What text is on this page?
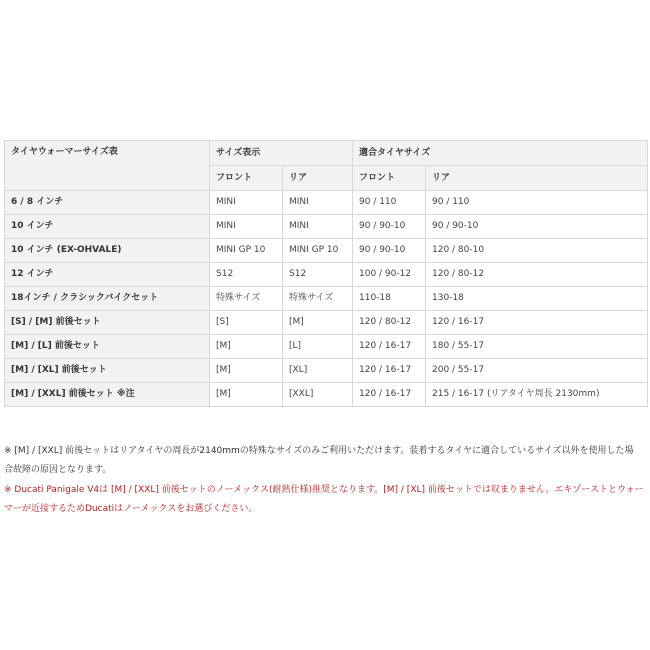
タイヤウォーマーサイズ表	サイズ表示		適合タイヤサイズ	
	フロント	リア	フロント	リア
6 / 8 インチ	MINI	MINI	90 / 110	90 / 110
10 インチ	MINI	MINI	90 / 90-10	90 / 90-10
10 インチ (EX-OHVALE)	MINI GP 10	MINI GP 10	90 / 90-10	120 / 80-10
12 インチ	S12	S12	100 / 90-12	120 / 80-12
18インチ / クラシックバイクセット	特殊サイズ	特殊サイズ	110-18	130-18
[S] / [M] 前後セット	[S]	[M]	120 / 80-12	120 / 16-17
[M] / [L] 前後セット	[M]	[L]	120 / 16-17	180 / 55-17
[M] / [XL] 前後セット	[M]	[XL]	120 / 16-17	200 / 55-17
[M] / [XXL] 前後セット ※注	[M]	[XXL]	120 / 16-17	215 / 16-17 (リアタイヤ周長 2130mm)
※ [M] / [XXL] 前後セットはリアタイヤの周長が2140mmの特殊なサイズのみご利用いただけます。装着するタイヤに適合しているサイズ以外を使用した場
合故障の原因となります。
※ Ducati Panigale V4は [M] / [XXL] 前後セットのノーメックス(耐熱仕様)推奨となります。[M] / [XL] 前後セットでは収まりません。エキゾーストとウォー
マーが近接するためDucatiはノーメックスをお選びください。
